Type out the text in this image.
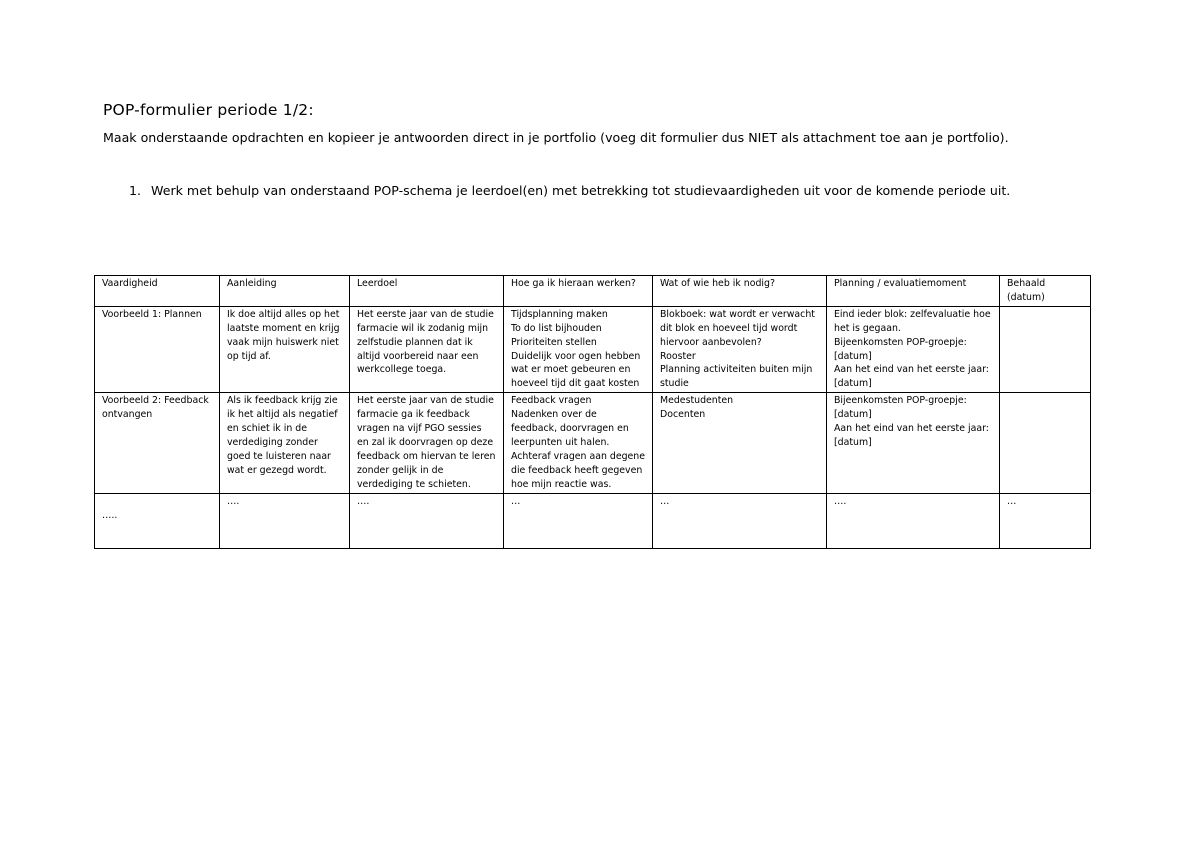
POP-formulier periode 1/2:
Maak onderstaande opdrachten en kopieer je antwoorden direct in je portfolio (voeg dit formulier dus NIET als attachment toe aan je portfolio).
1. Werk met behulp van onderstaand POP-schema je leerdoel(en) met betrekking tot studievaardigheden uit voor de komende periode uit.
Vaardigheid	Aanleiding	Leerdoel	Hoe ga ik hieraan werken?	Wat of wie heb ik nodig?	Planning / evaluatiemoment	Behaald (datum)
Voorbeeld 1: Plannen	Ik doe altijd alles op het laatste moment en krijg vaak mijn huiswerk niet op tijd af.	Het eerste jaar van de studie farmacie wil ik zodanig mijn zelfstudie plannen dat ik altijd voorbereid naar een werkcollege toega.	Tijdsplanning maken
To do list bijhouden
Prioriteiten stellen
Duidelijk voor ogen hebben wat er moet gebeuren en hoeveel tijd dit gaat kosten	Blokboek: wat wordt er verwacht dit blok en hoeveel tijd wordt hiervoor aanbevolen?
Rooster
Planning activiteiten buiten mijn studie	Eind ieder blok: zelfevaluatie hoe het is gegaan.
Bijeenkomsten POP-groepje: [datum]
Aan het eind van het eerste jaar: [datum]	

Voorbeeld 2: Feedback ontvangen	Als ik feedback krijg zie ik het altijd als negatief en schiet ik in de verdediging zonder goed te luisteren naar wat er gezegd wordt.	Het eerste jaar van de studie farmacie ga ik feedback vragen na vijf PGO sessies en zal ik doorvragen op deze feedback om hiervan te leren zonder gelijk in de verdediging te schieten.	Feedback vragen
Nadenken over de feedback, doorvragen en leerpunten uit halen.
Achteraf vragen aan degene die feedback heeft gegeven hoe mijn reactie was.	Medestudenten
Docenten	Bijeenkomsten POP-groepje: [datum]
Aan het eind van het eerste jaar: [datum]	

…..	….	….	…	…	….	…
